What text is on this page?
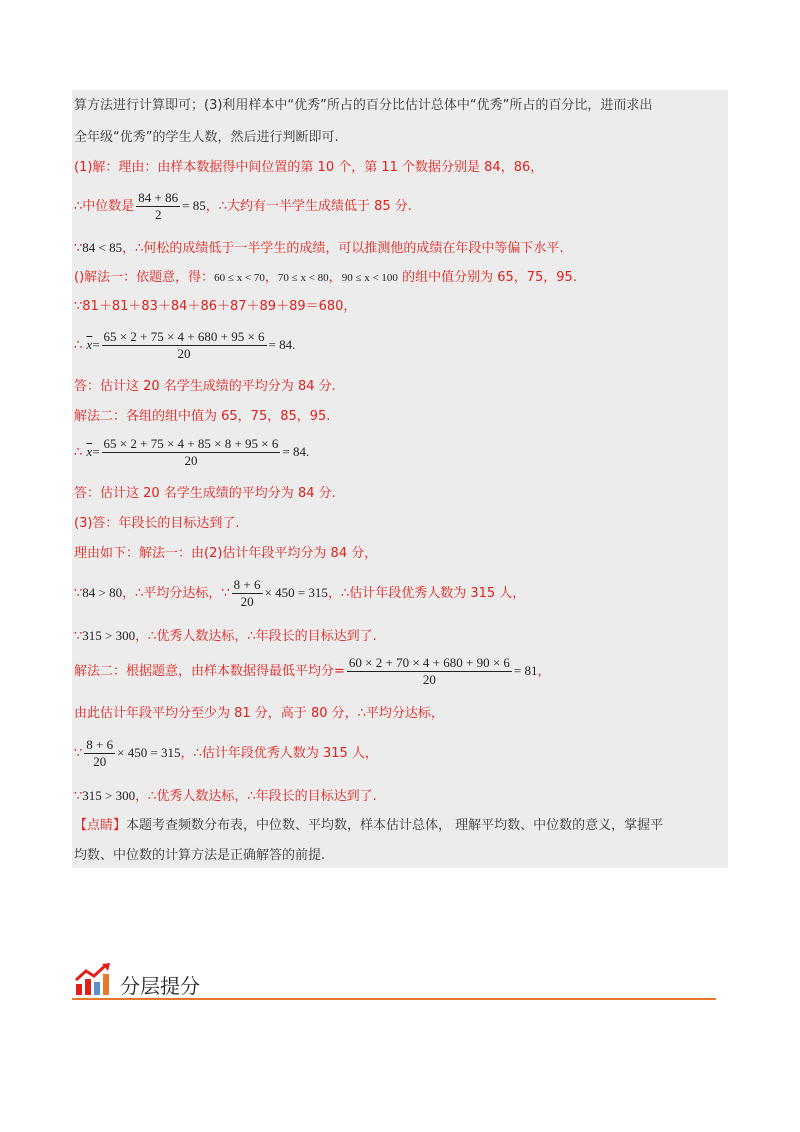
算方法进行计算即可；(3)利用样本中“优秀”所占的百分比估计总体中“优秀”所占的百分比，进而求出
全年级“优秀”的学生人数，然后进行判断即可.
(1)解：理由：由样本数据得中间位置的第 10 个，第 11 个数据分别是 84，86，
∴中位数是 $\frac{84 + 86}{2} = 85$，∴大约有一半学生成绩低于 85 分.
∵84 < 85，∴何松的成绩低于一半学生的成绩，可以推测他的成绩在年段中等偏下水平.
()解法一：依题意，得：60 ≤ x < 70，70 ≤ x < 80，90 ≤ x < 100 的组中值分别为 65，75，95.
∵81＋81＋83＋84＋86＋87＋89＋89＝680，
∴ $\overline{x}= \frac{65 \times 2 + 75 \times 4 + 680 + 95 \times 6}{20} = 84$.
答：估计这 20 名学生成绩的平均分为 84 分.
解法二：各组的组中值为 65，75，85，95.
∴ $\overline{x}= \frac{65 \times 2 + 75 \times 4 + 85 \times 8 + 95 \times 6}{20} = 84$.
答：估计这 20 名学生成绩的平均分为 84 分.
(3)答：年段长的目标达到了.
理由如下：解法一：由(2)估计年段平均分为 84 分，
∵84 > 80，∴平均分达标，∵ $\frac{8 + 6}{20} \times 450 = 315$，∴估计年段优秀人数为 315 人，
∵315 > 300，∴优秀人数达标，∴年段长的目标达到了.
解法二：根据题意，由样本数据得最低平均分= $\frac{60 \times 2 + 70 \times 4 + 680 + 90 \times 6}{20} = 81$，
由此估计年段平均分至少为 81 分，高于 80 分，∴平均分达标，
∵ $\frac{8 + 6}{20} \times 450 = 315$，∴估计年段优秀人数为 315 人，
∵315 > 300，∴优秀人数达标，∴年段长的目标达到了.
【点睛】本题考查频数分布表，中位数、平均数，样本估计总体， 理解平均数、中位数的意义，掌握平
均数、中位数的计算方法是正确解答的前提.
分层提分
